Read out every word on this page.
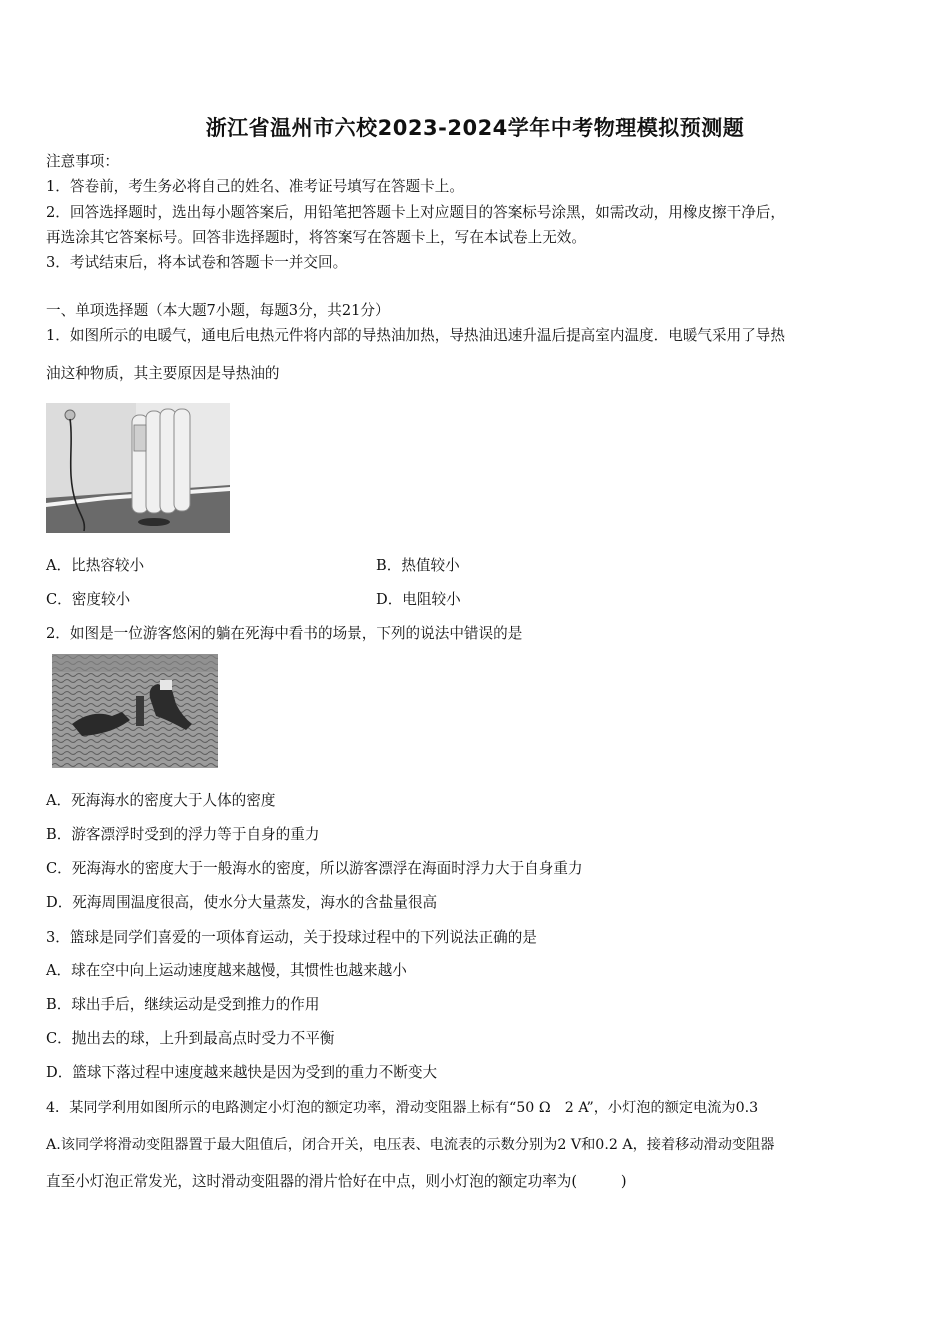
浙江省温州市六校2023-2024学年中考物理模拟预测题
注意事项：
1．答卷前，考生务必将自己的姓名、准考证号填写在答题卡上。
2．回答选择题时，选出每小题答案后，用铅笔把答题卡上对应题目的答案标号涂黑，如需改动，用橡皮擦干净后，
再选涂其它答案标号。回答非选择题时，将答案写在答题卡上，写在本试卷上无效。
3．考试结束后，将本试卷和答题卡一并交回。
一、单项选择题（本大题7小题，每题3分，共21分）
1．如图所示的电暖气，通电后电热元件将内部的导热油加热，导热油迅速升温后提高室内温度．电暖气采用了导热
油这种物质，其主要原因是导热油的
A．比热容较小	B．热值较小
C．密度较小	D．电阻较小
2．如图是一位游客悠闲的躺在死海中看书的场景，下列的说法中错误的是
A．死海海水的密度大于人体的密度
B．游客漂浮时受到的浮力等于自身的重力
C．死海海水的密度大于一般海水的密度，所以游客漂浮在海面时浮力大于自身重力
D．死海周围温度很高，使水分大量蒸发，海水的含盐量很高
3．篮球是同学们喜爱的一项体育运动，关于投球过程中的下列说法正确的是
A．球在空中向上运动速度越来越慢，其惯性也越来越小
B．球出手后，继续运动是受到推力的作用
C．抛出去的球，上升到最高点时受力不平衡
D．篮球下落过程中速度越来越快是因为受到的重力不断变大
4．某同学利用如图所示的电路测定小灯泡的额定功率，滑动变阻器上标有“50 Ω　2 A”，小灯泡的额定电流为0.3
A.该同学将滑动变阻器置于最大阻值后，闭合开关，电压表、电流表的示数分别为2 V和0.2 A，接着移动滑动变阻器
直至小灯泡正常发光，这时滑动变阻器的滑片恰好在中点，则小灯泡的额定功率为(　　　)
